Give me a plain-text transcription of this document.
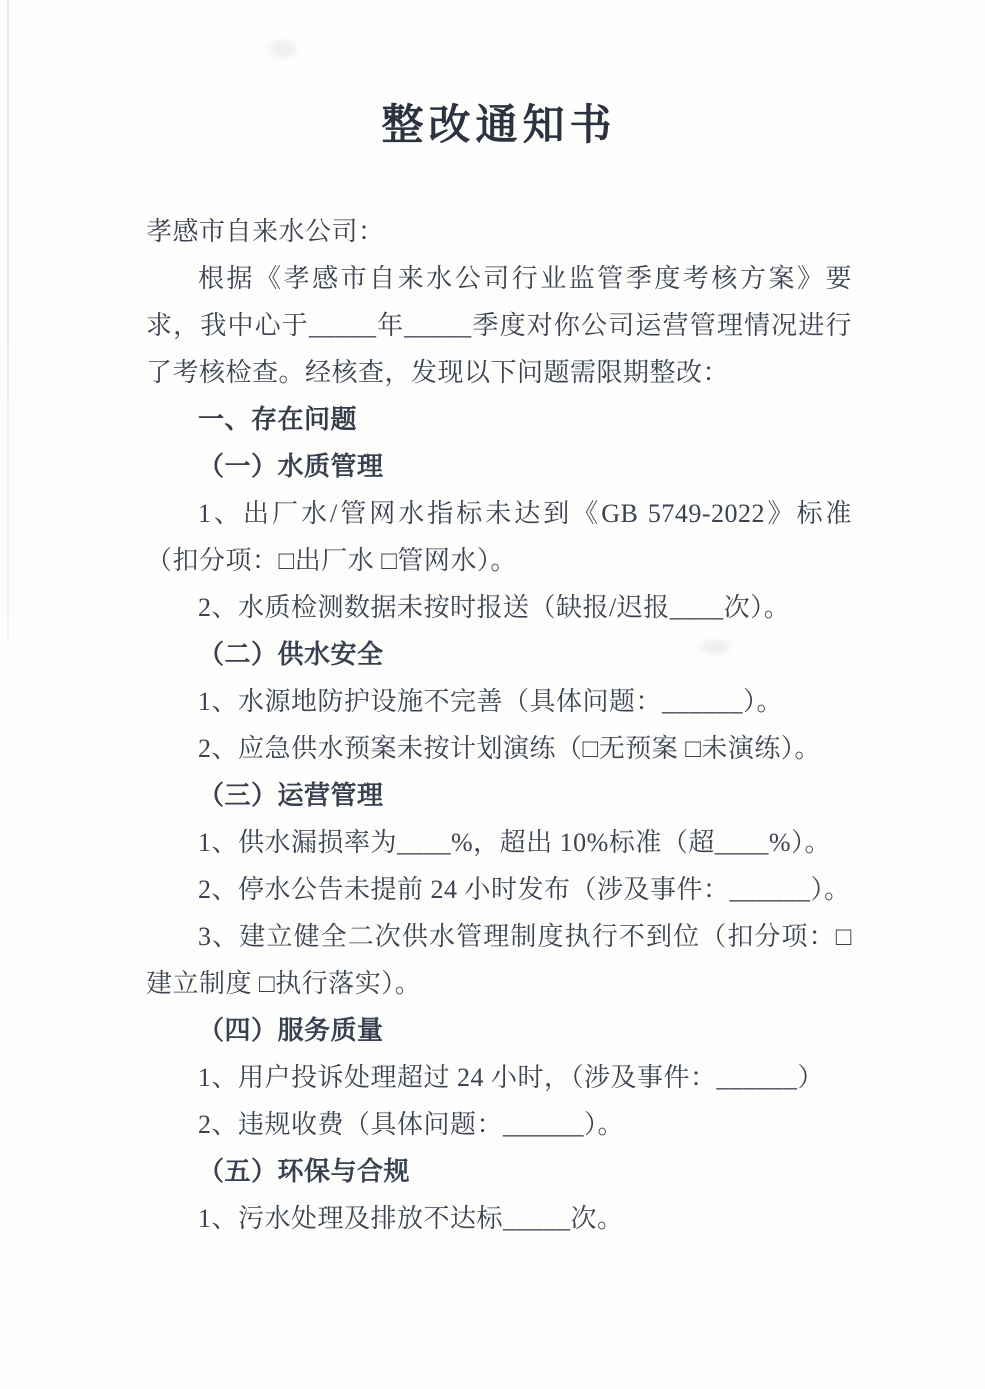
整改通知书

孝感市自来水公司：

根据《孝感市自来水公司行业监管季度考核方案》要求，我中心于_____年_____季度对你公司运营管理情况进行了考核检查。经核查，发现以下问题需限期整改：

一、存在问题

（一）水质管理

1、出厂水/管网水指标未达到《GB 5749-2022》标准（扣分项：□出厂水 □管网水）。

2、水质检测数据未按时报送（缺报/迟报____次）。

（二）供水安全

1、水源地防护设施不完善（具体问题：______）。

2、应急供水预案未按计划演练（□无预案 □未演练）。

（三）运营管理

1、供水漏损率为____%，超出 10%标准（超____%）。

2、停水公告未提前 24 小时发布（涉及事件：______）。

3、建立健全二次供水管理制度执行不到位（扣分项：□建立制度 □执行落实）。

（四）服务质量

1、用户投诉处理超过 24 小时，（涉及事件：______）

2、违规收费（具体问题：______）。

（五）环保与合规

1、污水处理及排放不达标_____次。
